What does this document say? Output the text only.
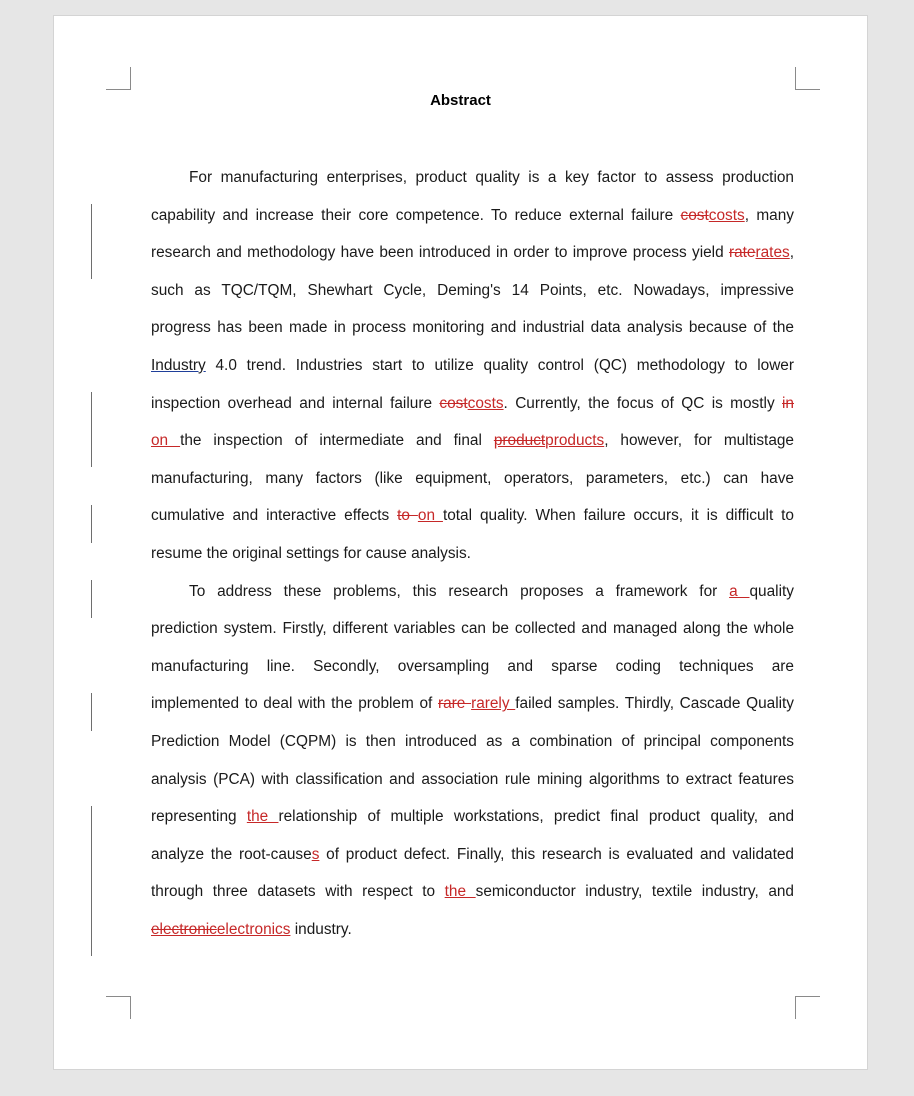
Abstract
For manufacturing enterprises, product quality is a key factor to assess production
capability and increase their core competence. To reduce external failure costcosts, many
research and methodology have been introduced in order to improve process yield raterates,
such as TQC/TQM, Shewhart Cycle, Deming's 14 Points, etc. Nowadays, impressive
progress has been made in process monitoring and industrial data analysis because of the
Industry 4.0 trend. Industries start to utilize quality control (QC) methodology to lower
inspection overhead and internal failure costcosts. Currently, the focus of QC is mostly in
on the inspection of intermediate and final productproducts, however, for multistage
manufacturing, many factors (like equipment, operators, parameters, etc.) can have
cumulative and interactive effects to on total quality. When failure occurs, it is difficult to
resume the original settings for cause analysis.
To address these problems, this research proposes a framework for a quality
prediction system. Firstly, different variables can be collected and managed along the whole
manufacturing line. Secondly, oversampling and sparse coding techniques are
implemented to deal with the problem of rare rarely failed samples. Thirdly, Cascade Quality
Prediction Model (CQPM) is then introduced as a combination of principal components
analysis (PCA) with classification and association rule mining algorithms to extract features
representing the relationship of multiple workstations, predict final product quality, and
analyze the root-causes of product defect. Finally, this research is evaluated and validated
through three datasets with respect to the semiconductor industry, textile industry, and
electronicelectronics industry.
